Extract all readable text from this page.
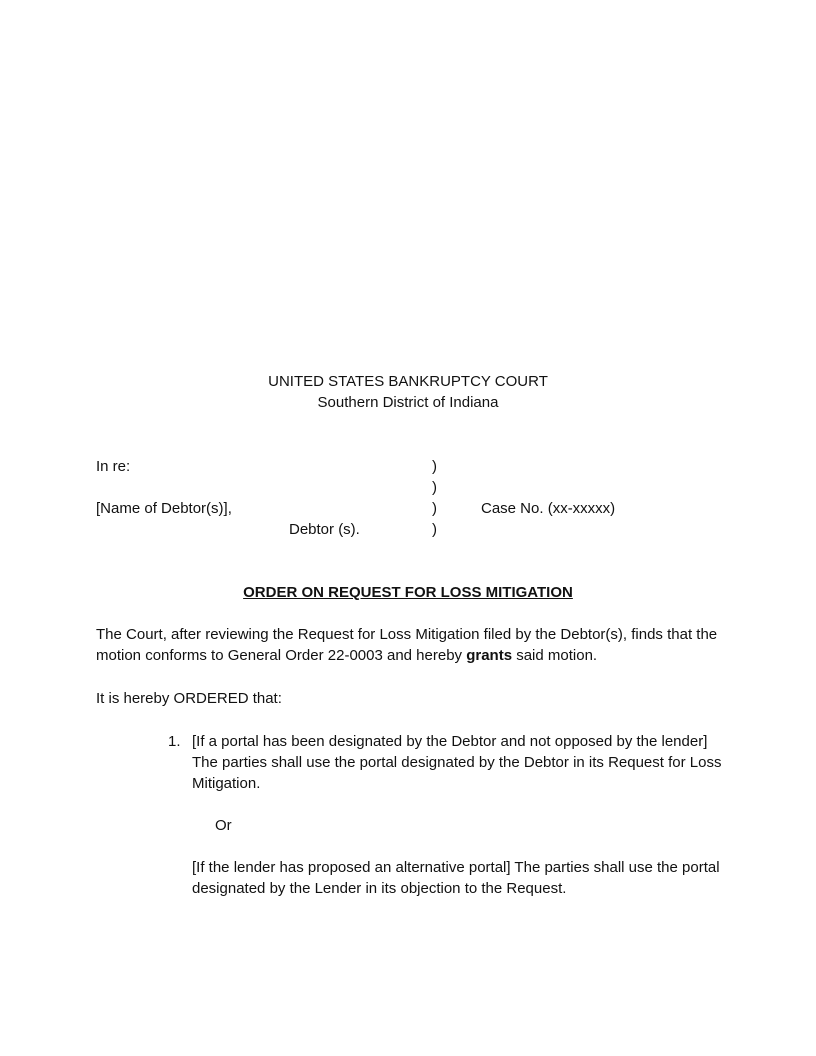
UNITED STATES BANKRUPTCY COURT
Southern District of Indiana
In re:
[Name of Debtor(s)],
Debtor (s).
)
)
)
)
Case No. (xx-xxxxx)
ORDER ON REQUEST FOR LOSS MITIGATION
The Court, after reviewing the Request for Loss Mitigation filed by the Debtor(s), finds that the motion conforms to General Order 22-0003 and hereby grants said motion.
It is hereby ORDERED that:
1. [If a portal has been designated by the Debtor and not opposed by the lender] The parties shall use the portal designated by the Debtor in its Request for Loss Mitigation.
Or
[If the lender has proposed an alternative portal] The parties shall use the portal designated by the Lender in its objection to the Request.
